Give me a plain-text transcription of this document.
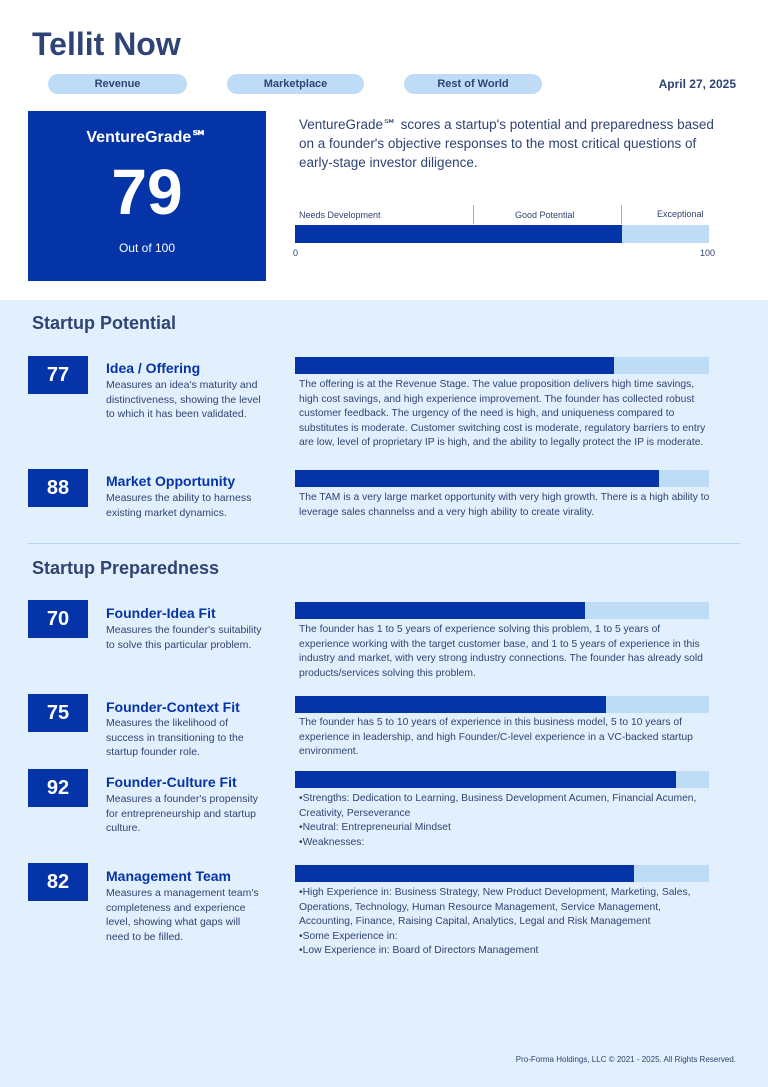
Tellit Now
Revenue	Marketplace	Rest of World	April 27, 2025
VentureGrade℠
79
Out of 100
VentureGrade℠ scores a startup's potential and preparedness based on a founder's objective responses to the most critical questions of early-stage investor diligence.
Needs Development	Good Potential	Exceptional
0	100
Startup Potential
77	Idea / Offering
Measures an idea's maturity and distinctiveness, showing the level to which it has been validated.
The offering is at the Revenue Stage. The value proposition delivers high time savings, high cost savings, and high experience improvement. The founder has collected robust customer feedback. The urgency of the need is high, and uniqueness compared to substitutes is moderate. Customer switching cost is moderate, regulatory barriers to entry are low, level of proprietary IP is high, and the ability to legally protect the IP is moderate.
88	Market Opportunity
Measures the ability to harness existing market dynamics.
The TAM is a very large market opportunity with very high growth. There is a high ability to leverage sales channelss and a very high ability to create virality.
Startup Preparedness
70	Founder-Idea Fit
Measures the founder's suitability to solve this particular problem.
The founder has 1 to 5 years of experience solving this problem, 1 to 5 years of experience working with the target customer base, and 1 to 5 years of experience in this industry and market, with very strong industry connections. The founder has already sold products/services solving this problem.
75	Founder-Context Fit
Measures the likelihood of success in transitioning to the startup founder role.
The founder has 5 to 10 years of experience in this business model, 5 to 10 years of experience in leadership, and high Founder/C-level experience in a VC-backed startup environment.
92	Founder-Culture Fit
Measures a founder's propensity for entrepreneurship and startup culture.
• Strengths: Dedication to Learning, Business Development Acumen, Financial Acumen, Creativity, Perseverance
• Neutral: Entrepreneurial Mindset
• Weaknesses:
82	Management Team
Measures a management team's completeness and experience level, showing what gaps will need to be filled.
• High Experience in: Business Strategy, New Product Development, Marketing, Sales, Operations, Technology, Human Resource Management, Service Management, Accounting, Finance, Raising Capital, Analytics, Legal and Risk Management
• Some Experience in:
• Low Experience in: Board of Directors Management
Pro-Forma Holdings, LLC © 2021 - 2025. All Rights Reserved.
